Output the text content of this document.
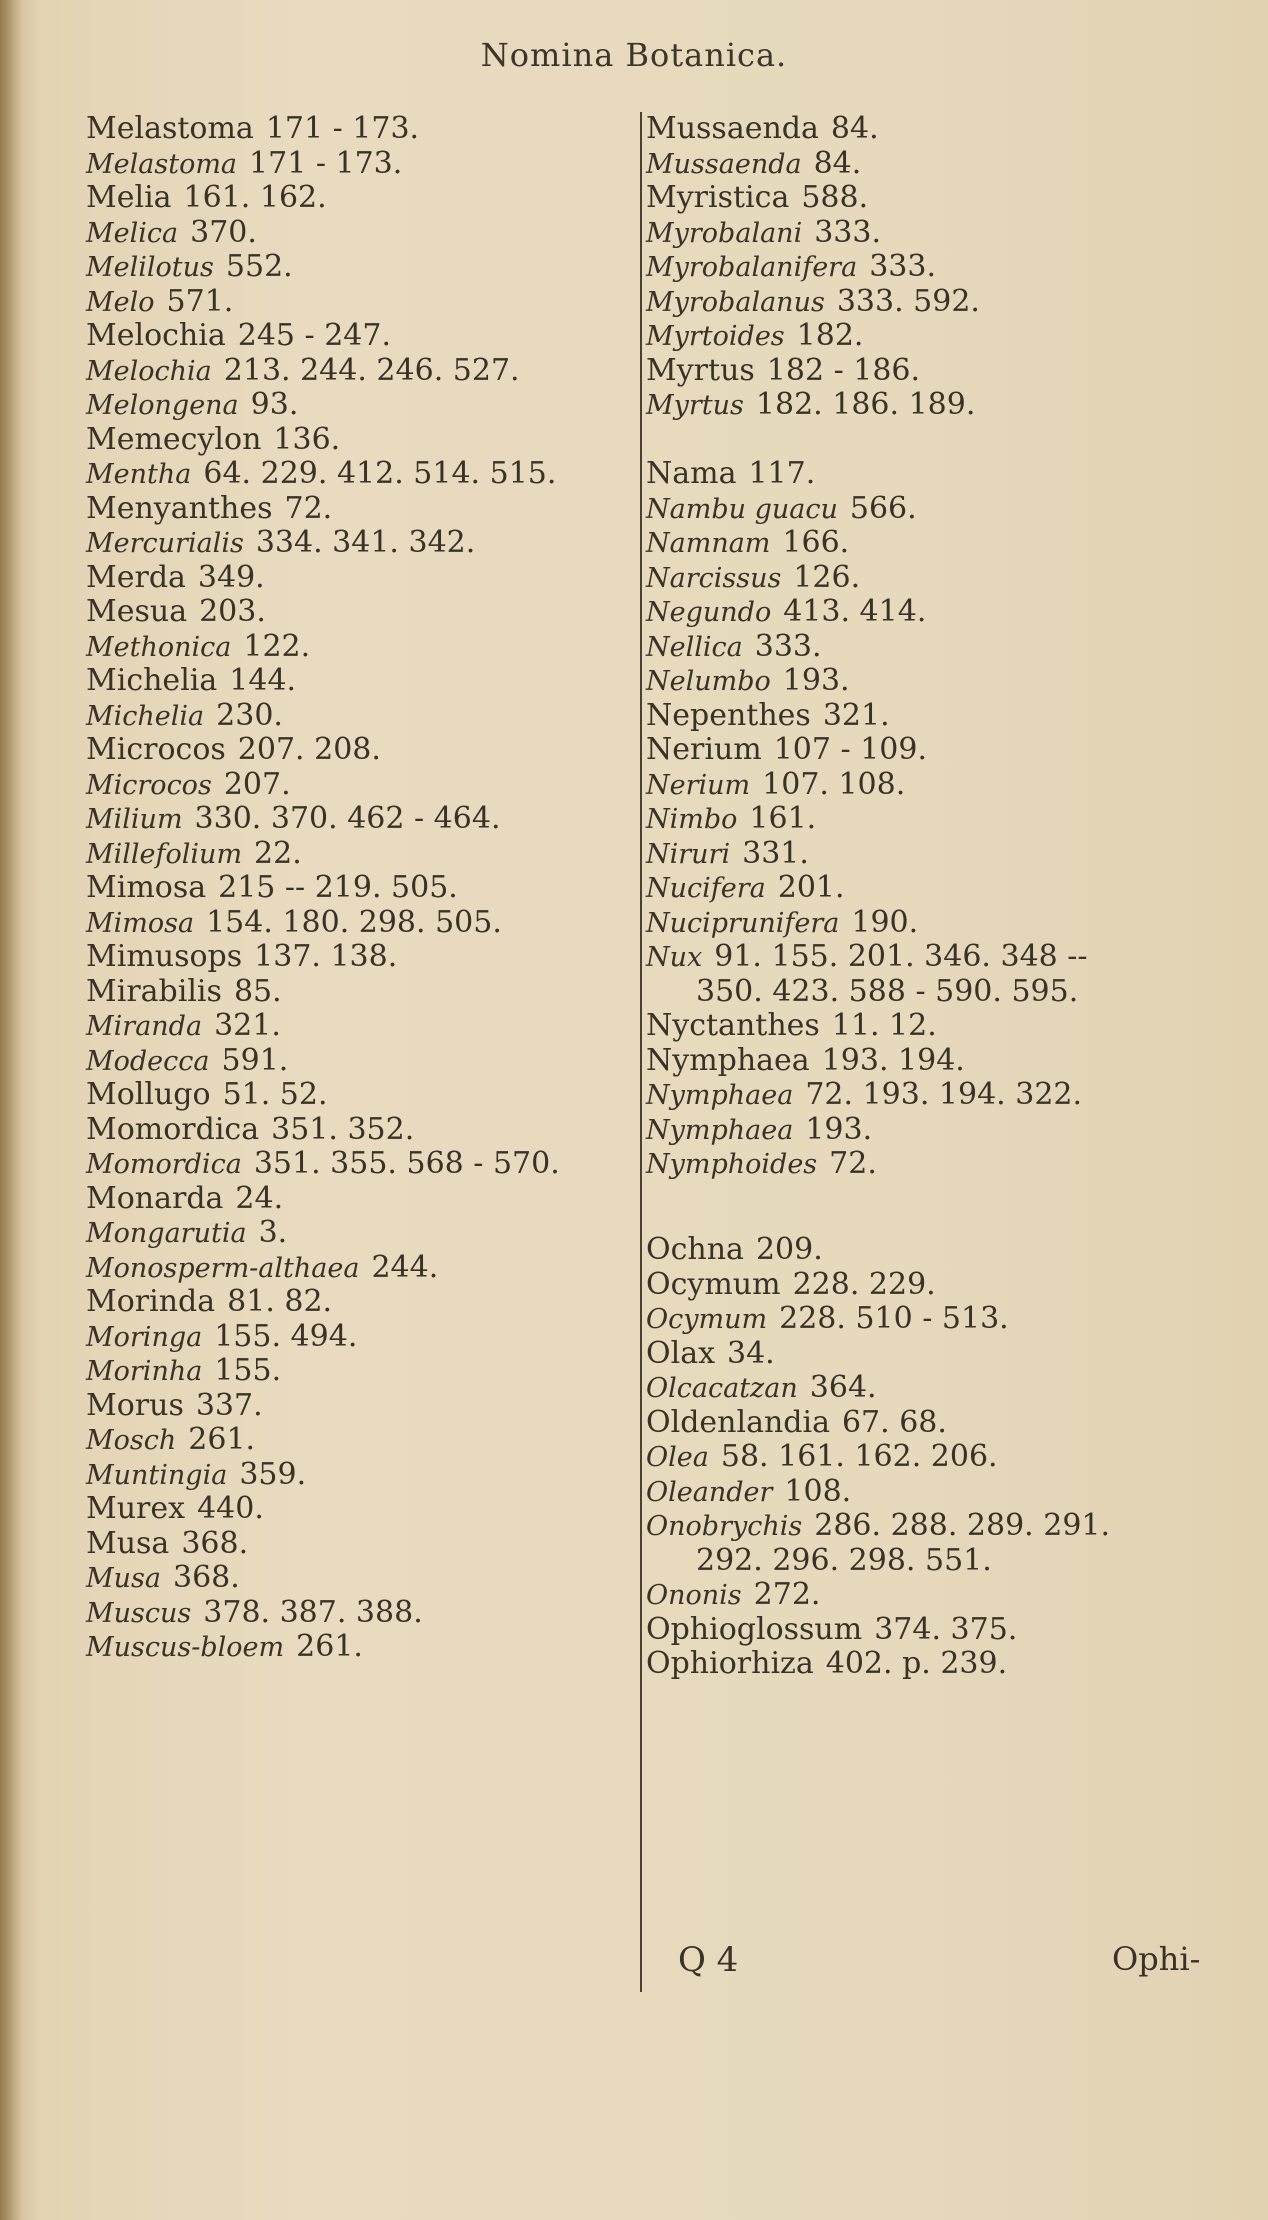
Nomina Botanica.
Melastoma 171 - 173.
Melastoma 171 - 173.
Melia 161. 162.
Melica 370.
Melilotus 552.
Melo 571.
Melochia 245 - 247.
Melochia 213. 244. 246. 527.
Melongena 93.
Memecylon 136.
Mentha 64. 229. 412. 514. 515.
Menyanthes 72.
Mercurialis 334. 341. 342.
Merda 349.
Mesua 203.
Methonica 122.
Michelia 144.
Michelia 230.
Microcos 207. 208.
Microcos 207.
Milium 330. 370. 462 - 464.
Millefolium 22.
Mimosa 215 -- 219. 505.
Mimosa 154. 180. 298. 505.
Mimusops 137. 138.
Mirabilis 85.
Miranda 321.
Modecca 591.
Mollugo 51. 52.
Momordica 351. 352.
Momordica 351. 355. 568 - 570.
Monarda 24.
Mongarutia 3.
Monosperm-althaea 244.
Morinda 81. 82.
Moringa 155. 494.
Morinha 155.
Morus 337.
Mosch 261.
Muntingia 359.
Murex 440.
Musa 368.
Musa 368.
Muscus 378. 387. 388.
Muscus-bloem 261.
Mussaenda 84.
Mussaenda 84.
Myristica 588.
Myrobalani 333.
Myrobalanifera 333.
Myrobalanus 333. 592.
Myrtoides 182.
Myrtus 182 - 186.
Myrtus 182. 186. 189.
Nama 117.
Nambu guacu 566.
Namnam 166.
Narcissus 126.
Negundo 413. 414.
Nellica 333.
Nelumbo 193.
Nepenthes 321.
Nerium 107 - 109.
Nerium 107. 108.
Nimbo 161.
Niruri 331.
Nucifera 201.
Nuciprunifera 190.
Nux 91. 155. 201. 346. 348 --
350. 423. 588 - 590. 595.
Nyctanthes 11. 12.
Nymphaea 193. 194.
Nymphaea 72. 193. 194. 322.
Nymphaea 193.
Nymphoides 72.
Ochna 209.
Ocymum 228. 229.
Ocymum 228. 510 - 513.
Olax 34.
Olcacatzan 364.
Oldenlandia 67. 68.
Olea 58. 161. 162. 206.
Oleander 108.
Onobrychis 286. 288. 289. 291.
292. 296. 298. 551.
Ononis 272.
Ophioglossum 374. 375.
Ophiorhiza 402. p. 239.
Q 4	Ophi-
